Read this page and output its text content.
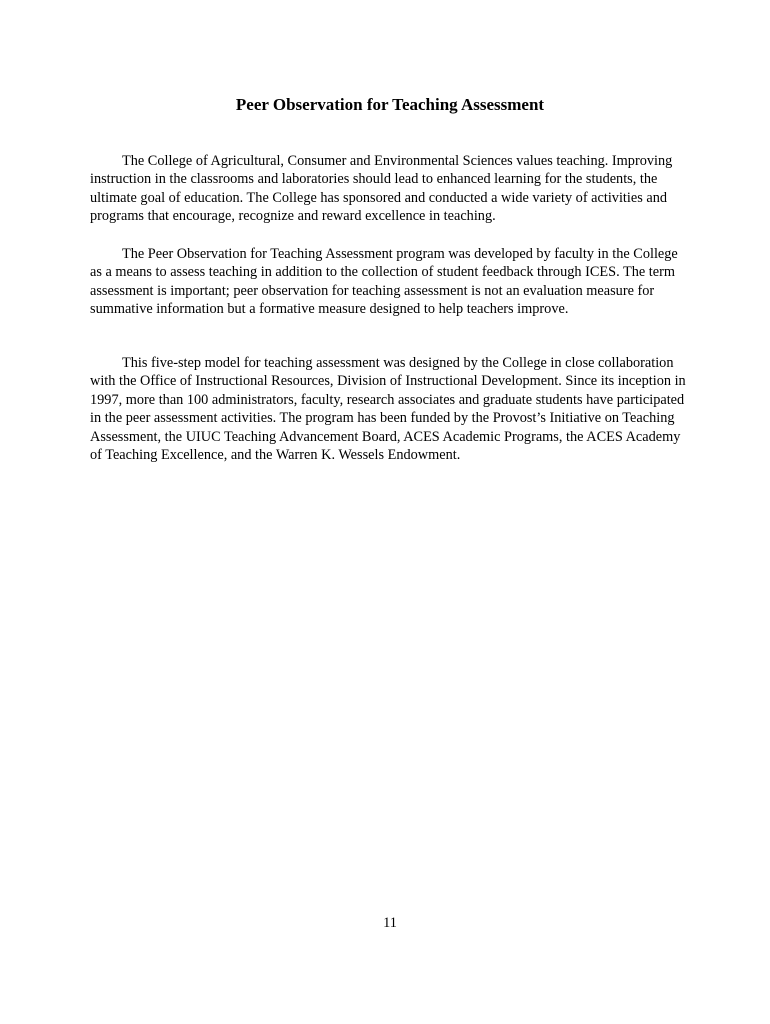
Peer Observation for Teaching Assessment

The College of Agricultural, Consumer and Environmental Sciences values teaching. Improving instruction in the classrooms and laboratories should lead to enhanced learning for the students, the ultimate goal of education. The College has sponsored and conducted a wide variety of activities and programs that encourage, recognize and reward excellence in teaching.

The Peer Observation for Teaching Assessment program was developed by faculty in the College as a means to assess teaching in addition to the collection of student feedback through ICES. The term assessment is important; peer observation for teaching assessment is not an evaluation measure for summative information but a formative measure designed to help teachers improve.

This five-step model for teaching assessment was designed by the College in close collaboration with the Office of Instructional Resources, Division of Instructional Development. Since its inception in 1997, more than 100 administrators, faculty, research associates and graduate students have participated in the peer assessment activities. The program has been funded by the Provost’s Initiative on Teaching Assessment, the UIUC Teaching Advancement Board, ACES Academic Programs, the ACES Academy of Teaching Excellence, and the Warren K. Wessels Endowment.

11
